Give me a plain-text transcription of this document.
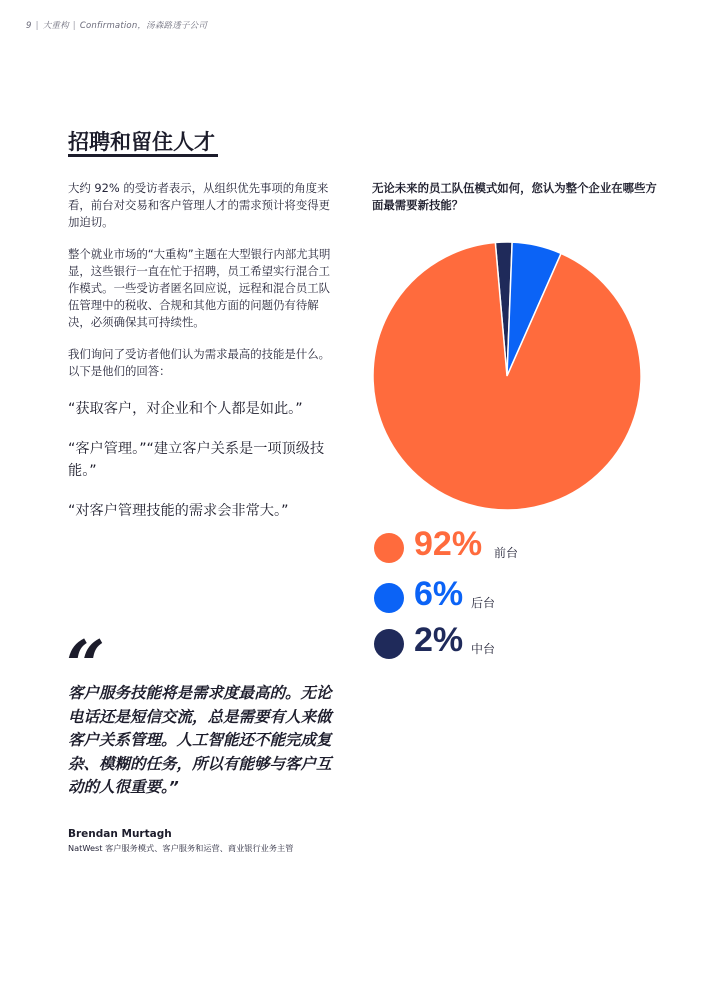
9 | 大重构 | Confirmation，汤森路透子公司
招聘和留住人才

大约 92% 的受访者表示，从组织优先事项的角度来看，前台对交易和客户管理人才的需求预计将变得更加迫切。

整个就业市场的“大重构”主题在大型银行内部尤其明显，这些银行一直在忙于招聘，员工希望实行混合工作模式。一些受访者匿名回应说，远程和混合员工队伍管理中的税收、合规和其他方面的问题仍有待解决，必须确保其可持续性。

我们询问了受访者他们认为需求最高的技能是什么。以下是他们的回答：

“获取客户，对企业和个人都是如此。”

“客户管理。”“建立客户关系是一项顶级技能。”

“对客户管理技能的需求会非常大。”

“

客户服务技能将是需求度最高的。无论电话还是短信交流，总是需要有人来做客户关系管理。人工智能还不能完成复杂、模糊的任务，所以有能够与客户互动的人很重要。”

Brendan Murtagh

NatWest 客户服务模式、客户服务和运营、商业银行业务主管

无论未来的员工队伍模式如何，您认为整个企业在哪些方面最需要新技能？

92% 前台
6% 后台
2% 中台
